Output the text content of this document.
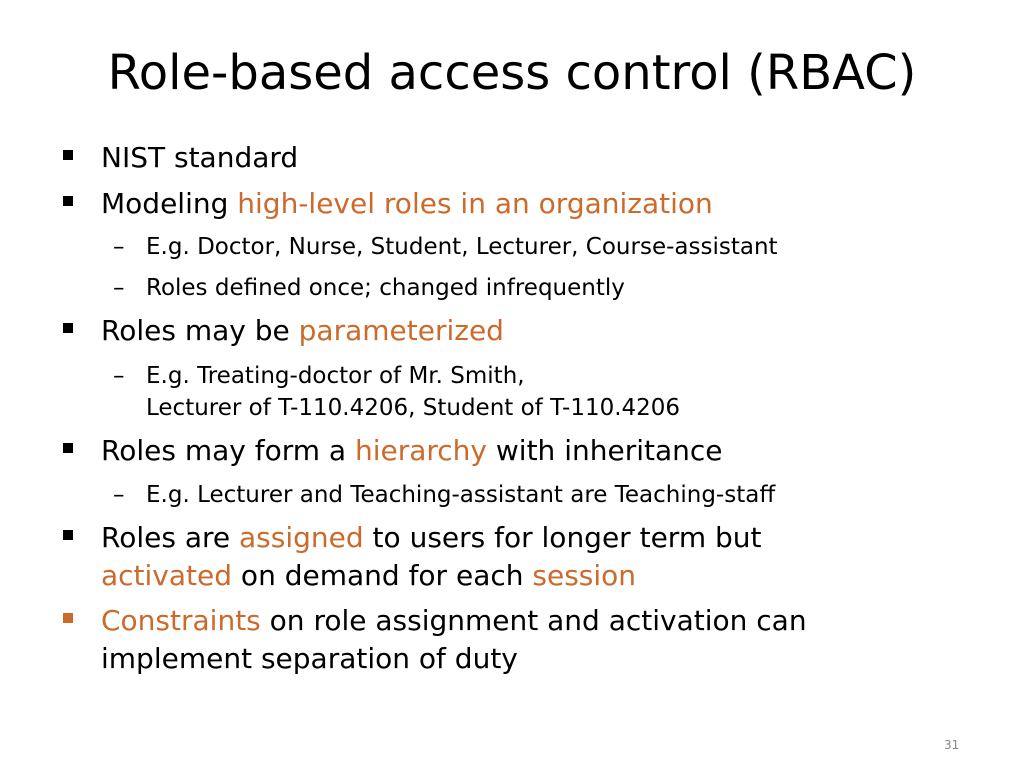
Role-based access control (RBAC)
NIST standard
Modeling high-level roles in an organization
– E.g. Doctor, Nurse, Student, Lecturer, Course-assistant
– Roles defined once; changed infrequently
Roles may be parameterized
– E.g. Treating-doctor of Mr. Smith,
Lecturer of T-110.4206, Student of T-110.4206
Roles may form a hierarchy with inheritance
– E.g. Lecturer and Teaching-assistant are Teaching-staff
Roles are assigned to users for longer term but
activated on demand for each session
Constraints on role assignment and activation can
implement separation of duty
31
